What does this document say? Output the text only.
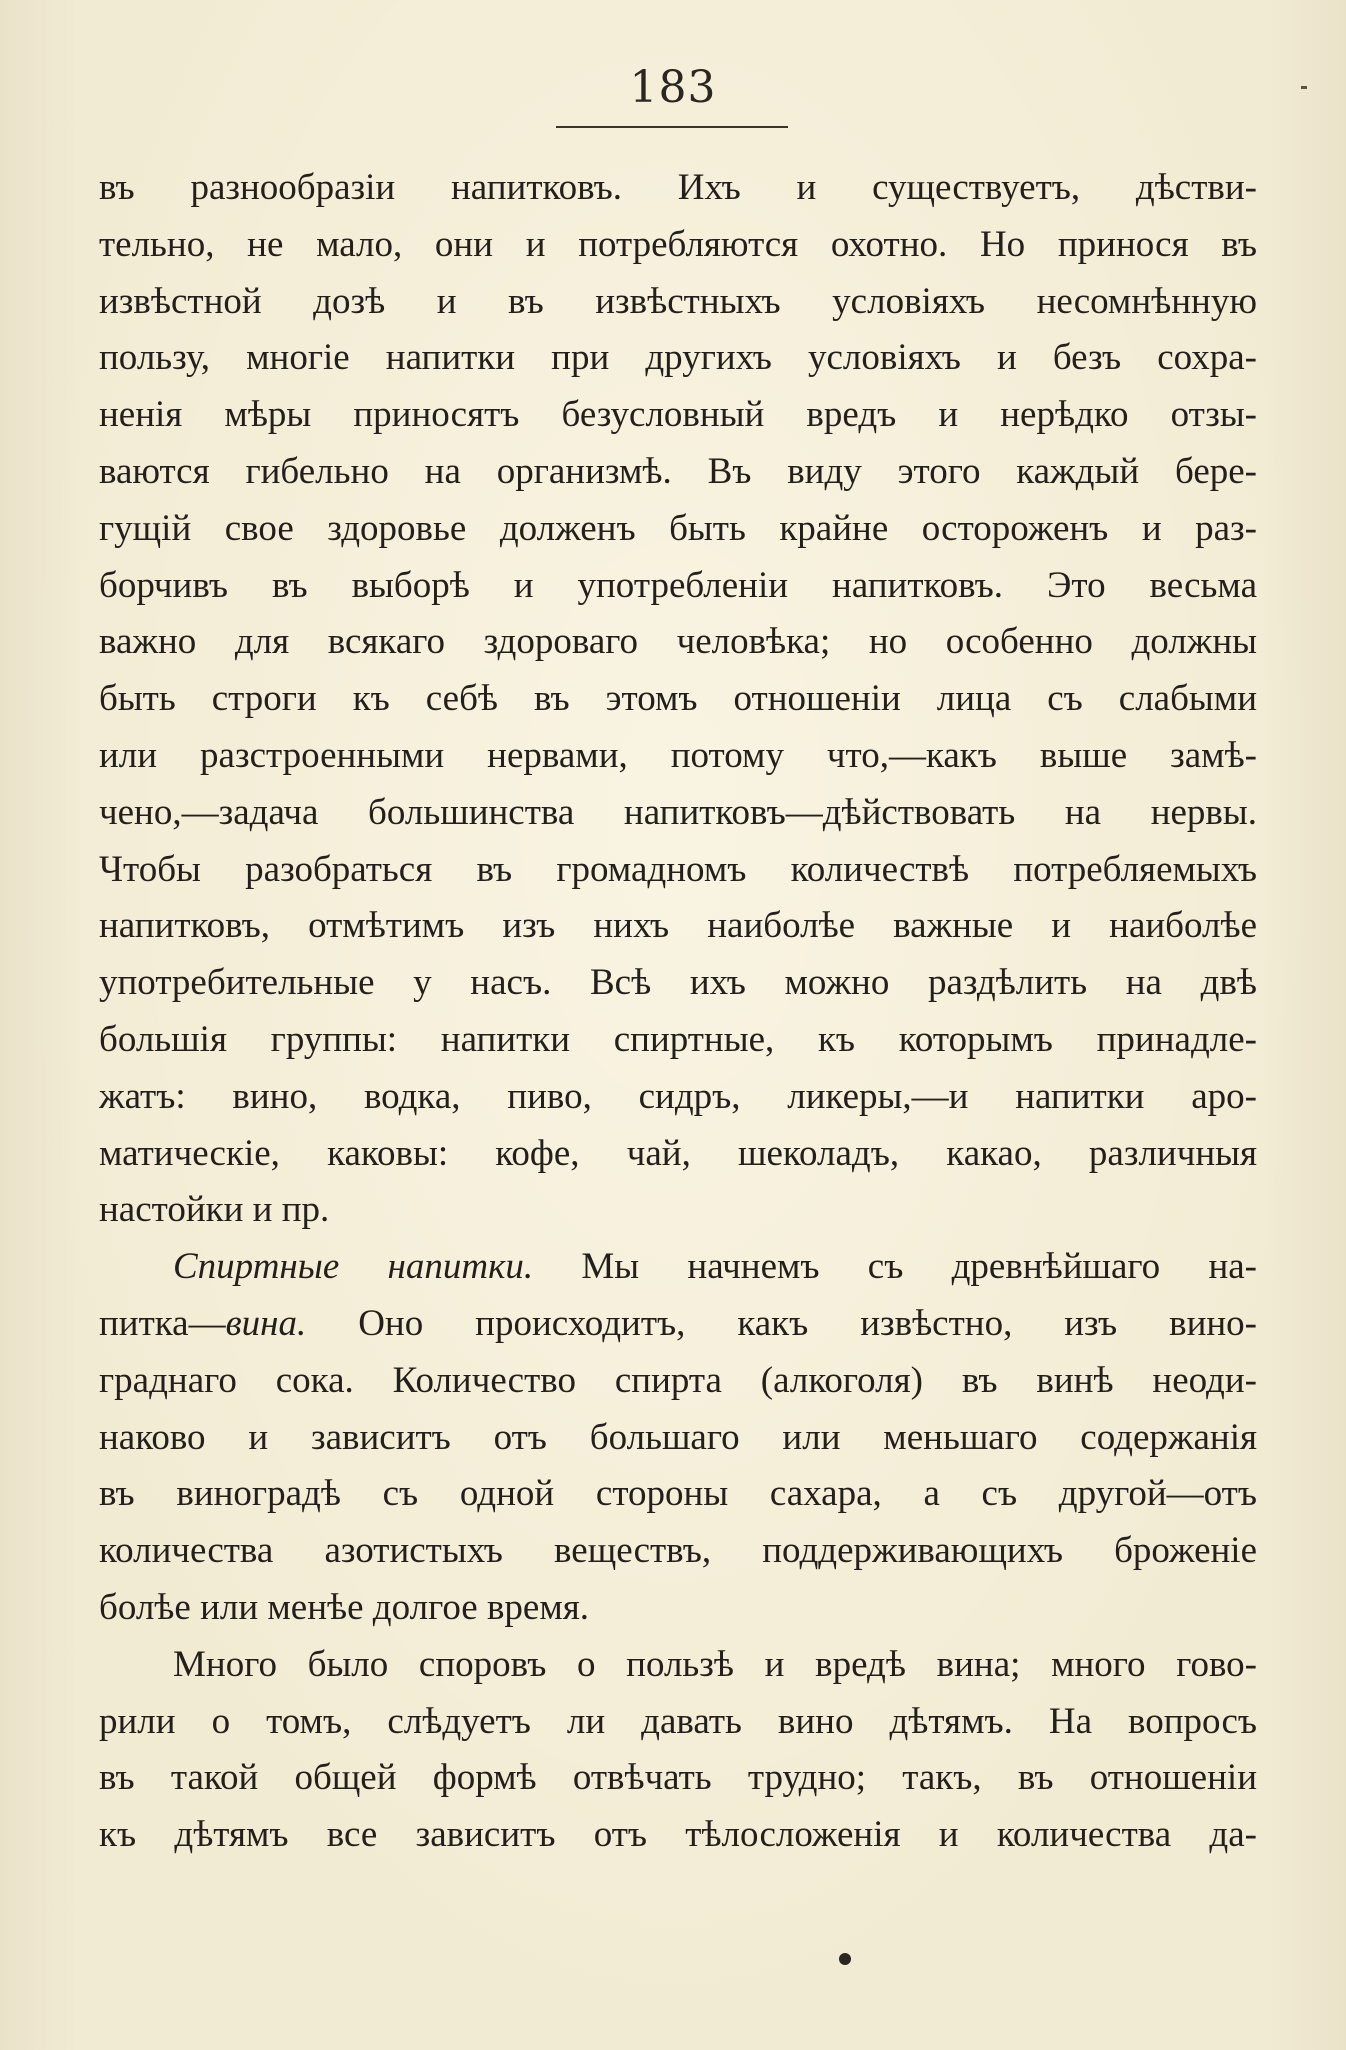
183
въ разнообразіи напитковъ. Ихъ и существуетъ, дѣстви-
тельно, не мало, они и потребляются охотно. Но принося въ
извѣстной дозѣ и въ извѣстныхъ условіяхъ несомнѣнную
пользу, многіе напитки при другихъ условіяхъ и безъ сохра-
ненія мѣры приносятъ безусловный вредъ и нерѣдко отзы-
ваются гибельно на организмѣ. Въ виду этого каждый бере-
гущій свое здоровье долженъ быть крайне остороженъ и раз-
борчивъ въ выборѣ и употребленіи напитковъ. Это весьма
важно для всякаго здороваго человѣка; но особенно должны
быть строги къ себѣ въ этомъ отношеніи лица съ слабыми
или разстроенными нервами, потому что,—какъ выше замѣ-
чено,—задача большинства напитковъ—дѣйствовать на нервы.
Чтобы разобраться въ громадномъ количествѣ потребляемыхъ
напитковъ, отмѣтимъ изъ нихъ наиболѣе важные и наиболѣе
употребительные у насъ. Всѣ ихъ можно раздѣлить на двѣ
большія группы: напитки спиртные, къ которымъ принадле-
жатъ: вино, водка, пиво, сидръ, ликеры,—и напитки аро-
матическіе, каковы: кофе, чай, шеколадъ, какао, различныя
настойки и пр.
Спиртные напитки. Мы начнемъ съ древнѣйшаго на-
питка—вина. Оно происходитъ, какъ извѣстно, изъ вино-
граднаго сока. Количество спирта (алкоголя) въ винѣ неоди-
наково и зависитъ отъ большаго или меньшаго содержанія
въ виноградѣ съ одной стороны сахара, а съ другой—отъ
количества азотистыхъ веществъ, поддерживающихъ броженіе
болѣе или менѣе долгое время.
Много было споровъ о пользѣ и вредѣ вина; много гово-
рили о томъ, слѣдуетъ ли давать вино дѣтямъ. На вопросъ
въ такой общей формѣ отвѣчать трудно; такъ, въ отношеніи
къ дѣтямъ все зависитъ отъ тѣлосложенія и количества да-
